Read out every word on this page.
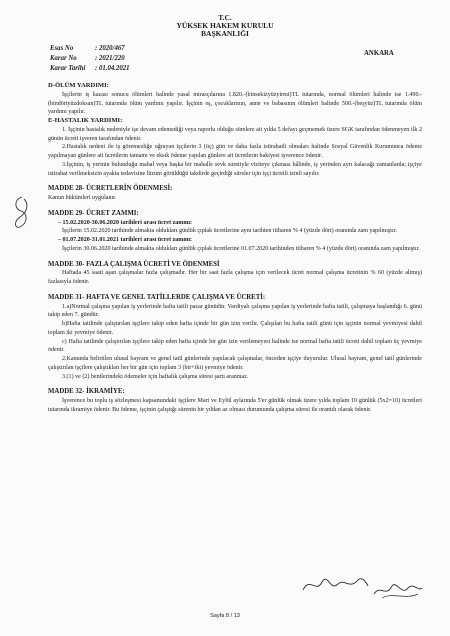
T.C.
YÜKSEK HAKEM KURULU
BAŞKANLIĞI
Esas No	: 2020/467
Karar No	: 2021/220
Karar Tarihi : 01.04.2021
ANKARA

D-ÖLÜM YARDIMI:

İşçilerin iş kazası sonucu ölümleri halinde yasal mirasçılarına 1.820.-(binsekizyüzyirmi)TL tutarında, normal ölümleri halinde ise 1.490.-(bindörtyüzdoksan)TL tutarında ölüm yardımı yapılır. İşçinin eş, çocuklarının, anne ve babasının ölümleri halinde 500.-(beşyüz)TL tutarında ölüm yardımı yapılır.

E-HASTALIK YARDIMI:

1. İşçinin hastalık nedeniyle işe devam edemediği veya raporlu olduğu sürelere ait yılda 5 defayı geçmemek üzere SGK tarafından ödenmeyen ilk 2 günün ücreti işveren tarafından ödenir.

2.Hastalık nedeni ile iş göremezliğe uğrayan işçilerin 3 (üç) gün ve daha fazla istirahatli olmaları halinde Sosyal Güvenlik Kurumunca ödeme yapılmayan günlere ait ücretlerin tamamı ve eksik ödeme yapılan günlere ait ücretlerin bakiyesi işverence ödenir.

3.İşçinin, iş yerinin bulunduğu mahal veya başka bir mahalle sevk suretiyle viziteye çıkması hâlinde, iş yerinden ayrı kalacağı zamanlarda; işçiye istirahat verilmeksizin ayakta tedavisine lüzum görüldüğü takdirde geçirdiği süreler için işçi ücretli izinli sayılır.

MADDE 28- ÜCRETLERİN ÖDENMESİ:

Kanun hükümleri uygulanır.

MADDE 29- ÜCRET ZAMMI:

– 15.02.2020-30.06.2020 tarihleri arası ücret zammı:

İşçilerin 15.02.2020 tarihinde almakta oldukları günlük çıplak ücretlerine aynı tarihten itibaren % 4 (yüzde dört) oranında zam yapılmıştır.

– 01.07.2020-31.01.2021 tarihleri arası ücret zammı:

İşçilerin 30.06.2020 tarihinde almakta oldukları günlük çıplak ücretlerine 01.07.2020 tarihinden itibaren % 4 (yüzde dört) oranında zam yapılmıştır.

MADDE 30- FAZLA ÇALIŞMA ÜCRETİ VE ÖDENMESİ

Haftada 45 saati aşan çalışmalar fazla çalışmadır. Her bir saat fazla çalışma için verilecek ücret normal çalışma ücretinin % 60 (yüzde altmış) fazlasıyla ödenir.

MADDE 31- HAFTA VE GENEL TATİLLERDE ÇALIŞMA VE ÜCRETİ:

1.a)Normal çalışma yapılan iş yerlerinde hafta tatili pazar günüdür. Vardiyalı çalışma yapılan iş yerlerinde hafta tatili, çalışmaya başlandığı 6. günü takip eden 7. gündür.

b)Hafta tatilinde çalıştırılan işçilere takip eden hafta içinde bir gün izin verilir. Çalışılan bu hafta tatili günü için işçinin normal yevmiyesi dahil toplam iki yevmiye ödenir.

c) Hafta tatilinde çalıştırılan işçilere takip eden hafta içinde bir gün izin verilemeyesi halinde ise normal hafta tatili ücreti dahil toplam üç yevmiye ödenir.

2.Kanunda belirtilen ulusal bayram ve genel tatil günlerinde yapılacak çalışmalar, önceden işçiye duyurulur. Ulusal bayram, genel tatil günlerinde çalıştırılan işçilere çalıştıkları her bir gün için toplam 3 (bir+iki) yevmiye ödenir.

3.(1) ve (2) bentlerindeki ödemeler için haftalık çalışma süresi şartı aranmaz.

MADDE 32- İKRAMİYE:

İşverence bu toplu iş sözleşmesi kapsamındaki işçilere Mart ve Eylül aylarında 5'er günlük olmak üzere yılda toplam 10 günlük (5x2=10) ücretleri tutarında ikramiye ödenir. Bu ödeme, işçinin çalıştığı sürenin bir yıldan az olması durumunda çalışma süresi ile orantılı olarak ödenir.

Sayfa 8 / 13
